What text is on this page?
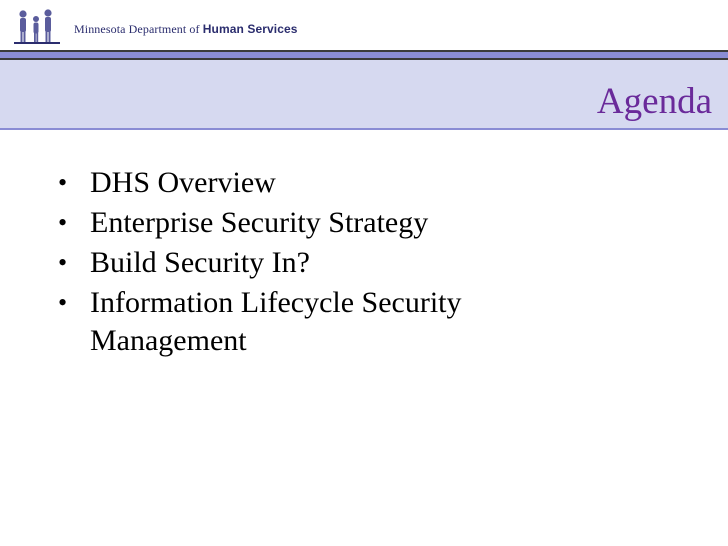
Minnesota Department of Human Services
Agenda
• DHS Overview
• Enterprise Security Strategy
• Build Security In?
• Information Lifecycle Security Management
